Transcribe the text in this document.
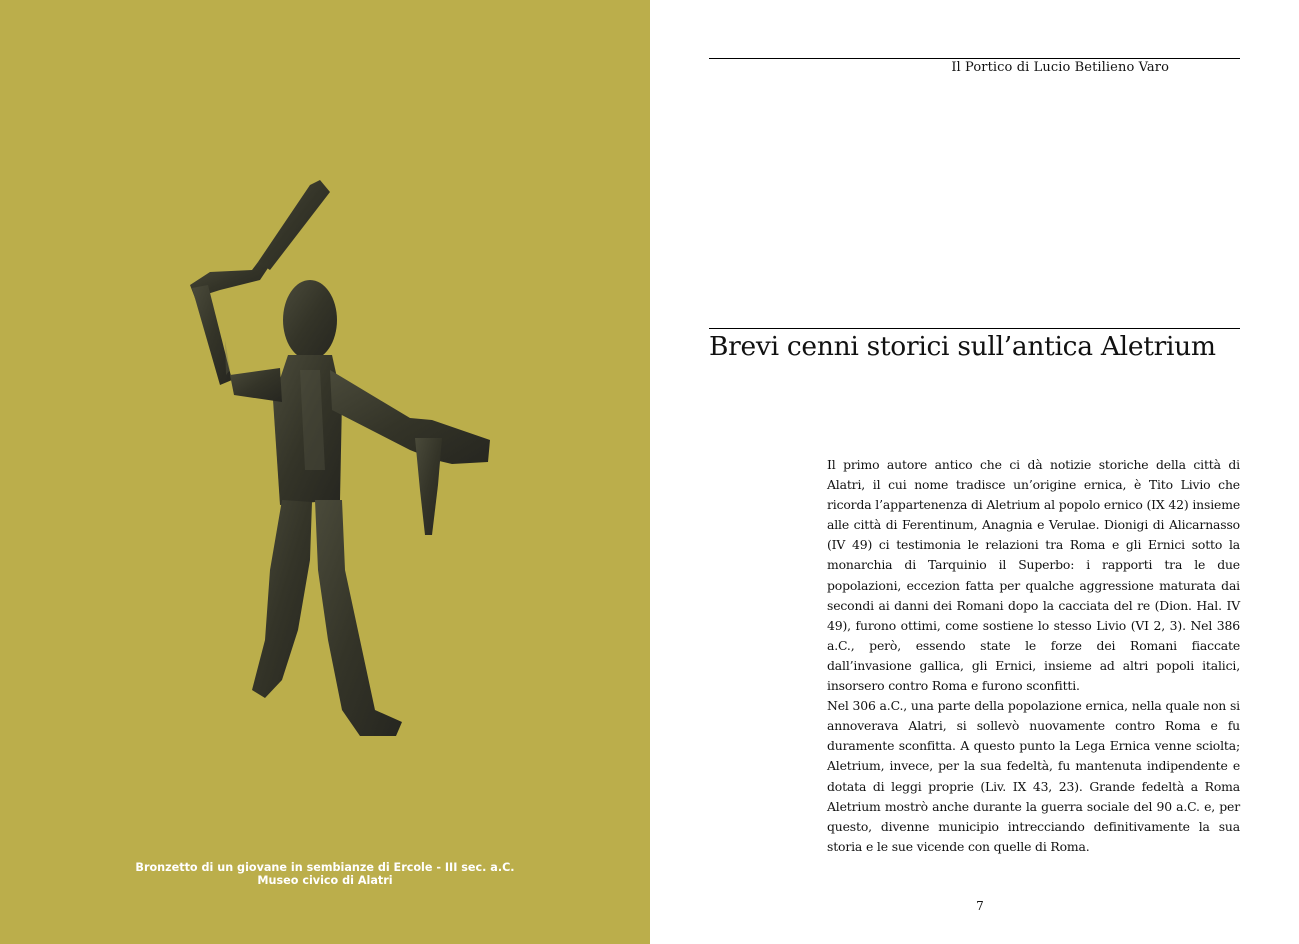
Bronzetto di un giovane in sembianze di Ercole - III sec. a.C.
Museo civico di Alatri
Il Portico di Lucio Betilieno Varo
Brevi cenni storici sull’antica Aletrium

Il primo autore antico che ci dà notizie storiche della città di Alatri, il cui nome tradisce un’origine ernica, è Tito Livio che ricorda l’appartenenza di Aletrium al popolo ernico (IX 42) insieme alle città di Ferentinum, Anagnia e Verulae. Dionigi di Alicarnasso (IV 49) ci testimonia le relazioni tra Roma e gli Ernici sotto la monarchia di Tarquinio il Superbo: i rapporti tra le due popolazioni, eccezion fatta per qualche aggressione maturata dai secondi ai danni dei Romani dopo la cacciata del re (Dion. Hal. IV 49), furono ottimi, come sostiene lo stesso Livio (VI 2, 3). Nel 386 a.C., però, essendo state le forze dei Romani fiaccate dall’invasione gallica, gli Ernici, insieme ad altri popoli italici, insorsero contro Roma e furono sconfitti.

Nel 306 a.C., una parte della popolazione ernica, nella quale non si annoverava Alatri, si sollevò nuovamente contro Roma e fu duramente sconfitta. A questo punto la Lega Ernica venne sciolta; Aletrium, invece, per la sua fedeltà, fu mantenuta indipendente e dotata di leggi proprie (Liv. IX 43, 23). Grande fedeltà a Roma Aletrium mostrò anche durante la guerra sociale del 90 a.C. e, per questo, divenne municipio intrecciando definitivamente la sua storia e le sue vicende con quelle di Roma.

7
